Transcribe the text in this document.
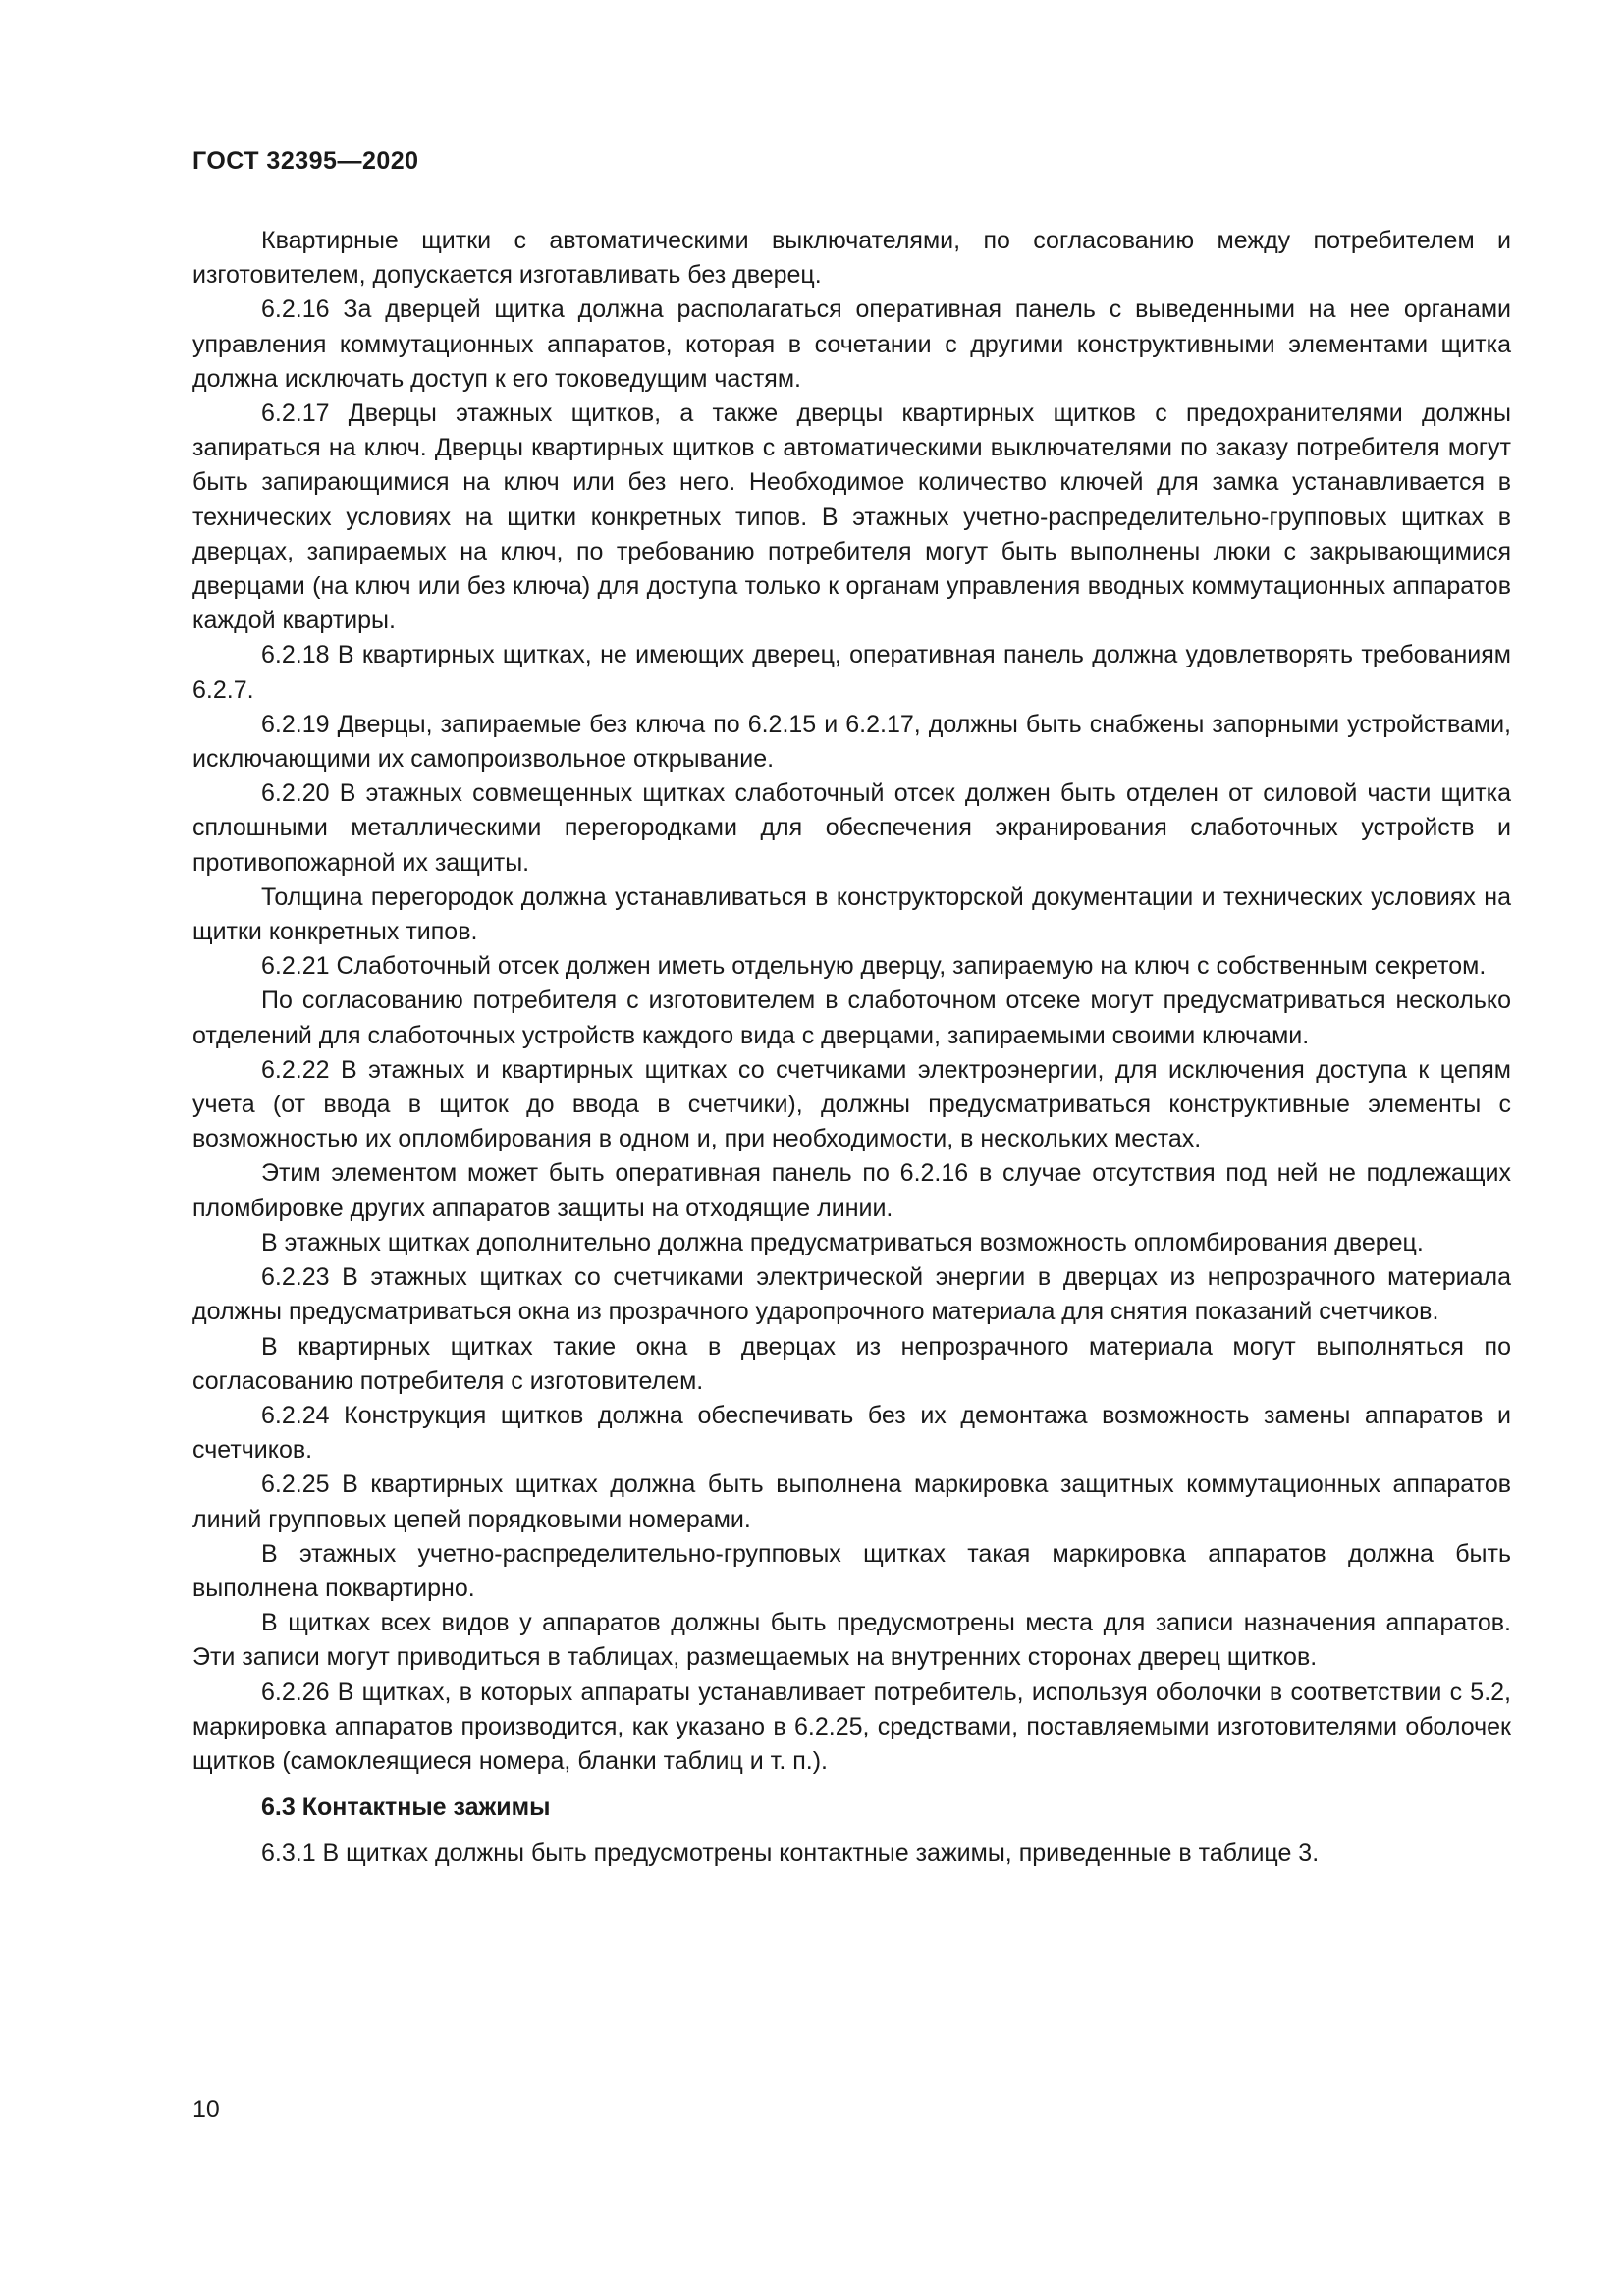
ГОСТ 32395—2020

Квартирные щитки с автоматическими выключателями, по согласованию между потребителем и изготовителем, допускается изготавливать без дверец.

6.2.16 За дверцей щитка должна располагаться оперативная панель с выведенными на нее органами управления коммутационных аппаратов, которая в сочетании с другими конструктивными элементами щитка должна исключать доступ к его токоведущим частям.

6.2.17 Дверцы этажных щитков, а также дверцы квартирных щитков с предохранителями должны запираться на ключ. Дверцы квартирных щитков с автоматическими выключателями по заказу потребителя могут быть запирающимися на ключ или без него. Необходимое количество ключей для замка устанавливается в технических условиях на щитки конкретных типов. В этажных учетно-распределительно-групповых щитках в дверцах, запираемых на ключ, по требованию потребителя могут быть выполнены люки с закрывающимися дверцами (на ключ или без ключа) для доступа только к органам управления вводных коммутационных аппаратов каждой квартиры.

6.2.18 В квартирных щитках, не имеющих дверец, оперативная панель должна удовлетворять требованиям 6.2.7.

6.2.19 Дверцы, запираемые без ключа по 6.2.15 и 6.2.17, должны быть снабжены запорными устройствами, исключающими их самопроизвольное открывание.

6.2.20 В этажных совмещенных щитках слаботочный отсек должен быть отделен от силовой части щитка сплошными металлическими перегородками для обеспечения экранирования слаботочных устройств и противопожарной их защиты.

Толщина перегородок должна устанавливаться в конструкторской документации и технических условиях на щитки конкретных типов.

6.2.21 Слаботочный отсек должен иметь отдельную дверцу, запираемую на ключ с собственным секретом.

По согласованию потребителя с изготовителем в слаботочном отсеке могут предусматриваться несколько отделений для слаботочных устройств каждого вида с дверцами, запираемыми своими ключами.

6.2.22 В этажных и квартирных щитках со счетчиками электроэнергии, для исключения доступа к цепям учета (от ввода в щиток до ввода в счетчики), должны предусматриваться конструктивные элементы с возможностью их опломбирования в одном и, при необходимости, в нескольких местах.

Этим элементом может быть оперативная панель по 6.2.16 в случае отсутствия под ней не подлежащих пломбировке других аппаратов защиты на отходящие линии.

В этажных щитках дополнительно должна предусматриваться возможность опломбирования дверец.

6.2.23 В этажных щитках со счетчиками электрической энергии в дверцах из непрозрачного материала должны предусматриваться окна из прозрачного ударопрочного материала для снятия показаний счетчиков.

В квартирных щитках такие окна в дверцах из непрозрачного материала могут выполняться по согласованию потребителя с изготовителем.

6.2.24 Конструкция щитков должна обеспечивать без их демонтажа возможность замены аппаратов и счетчиков.

6.2.25 В квартирных щитках должна быть выполнена маркировка защитных коммутационных аппаратов линий групповых цепей порядковыми номерами.

В этажных учетно-распределительно-групповых щитках такая маркировка аппаратов должна быть выполнена поквартирно.

В щитках всех видов у аппаратов должны быть предусмотрены места для записи назначения аппаратов. Эти записи могут приводиться в таблицах, размещаемых на внутренних сторонах дверец щитков.

6.2.26 В щитках, в которых аппараты устанавливает потребитель, используя оболочки в соответствии с 5.2, маркировка аппаратов производится, как указано в 6.2.25, средствами, поставляемыми изготовителями оболочек щитков (самоклеящиеся номера, бланки таблиц и т. п.).

6.3 Контактные зажимы

6.3.1 В щитках должны быть предусмотрены контактные зажимы, приведенные в таблице 3.

10
